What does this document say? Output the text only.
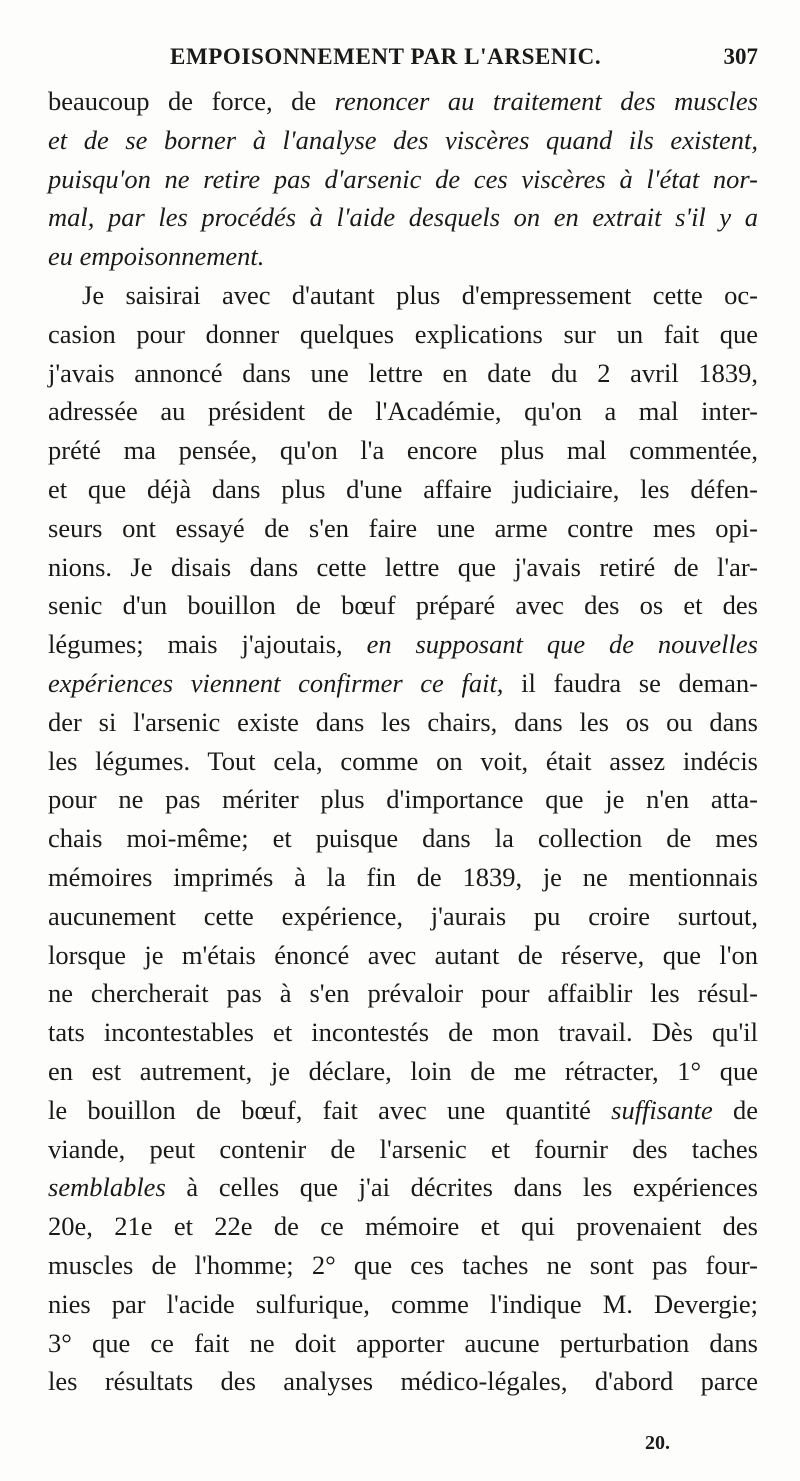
EMPOISONNEMENT PAR L'ARSENIC.	307
beaucoup de force, de renoncer au traitement des muscles
et de se borner à l'analyse des viscères quand ils existent,
puisqu'on ne retire pas d'arsenic de ces viscères à l'état nor-
mal, par les procédés à l'aide desquels on en extrait s'il y a
eu empoisonnement.
Je saisirai avec d'autant plus d'empressement cette oc-
casion pour donner quelques explications sur un fait que
j'avais annoncé dans une lettre en date du 2 avril 1839,
adressée au président de l'Académie, qu'on a mal inter-
prété ma pensée, qu'on l'a encore plus mal commentée,
et que déjà dans plus d'une affaire judiciaire, les défen-
seurs ont essayé de s'en faire une arme contre mes opi-
nions. Je disais dans cette lettre que j'avais retiré de l'ar-
senic d'un bouillon de bœuf préparé avec des os et des
légumes; mais j'ajoutais, en supposant que de nouvelles
expériences viennent confirmer ce fait, il faudra se deman-
der si l'arsenic existe dans les chairs, dans les os ou dans
les légumes. Tout cela, comme on voit, était assez indécis
pour ne pas mériter plus d'importance que je n'en atta-
chais moi-même; et puisque dans la collection de mes
mémoires imprimés à la fin de 1839, je ne mentionnais
aucunement cette expérience, j'aurais pu croire surtout,
lorsque je m'étais énoncé avec autant de réserve, que l'on
ne chercherait pas à s'en prévaloir pour affaiblir les résul-
tats incontestables et incontestés de mon travail. Dès qu'il
en est autrement, je déclare, loin de me rétracter, 1° que
le bouillon de bœuf, fait avec une quantité suffisante de
viande, peut contenir de l'arsenic et fournir des taches
semblables à celles que j'ai décrites dans les expériences
20e, 21e et 22e de ce mémoire et qui provenaient des
muscles de l'homme; 2° que ces taches ne sont pas four-
nies par l'acide sulfurique, comme l'indique M. Devergie;
3° que ce fait ne doit apporter aucune perturbation dans
les résultats des analyses médico-légales, d'abord parce
20.
